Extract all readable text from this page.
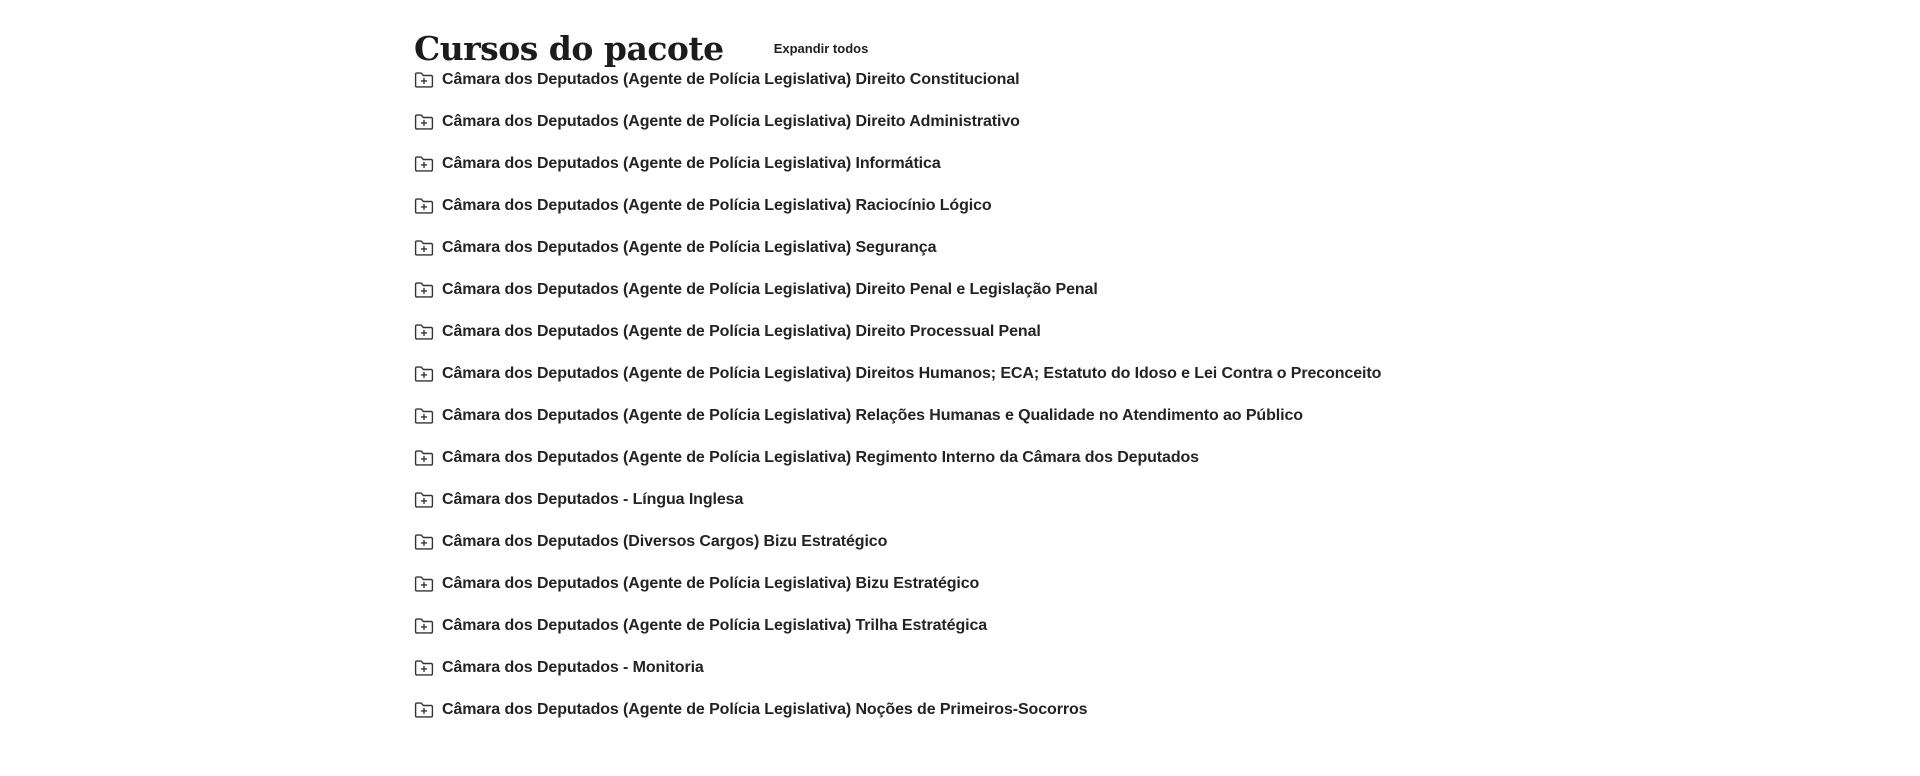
Cursos do pacote	Expandir todos
Câmara dos Deputados (Agente de Polícia Legislativa) Direito Constitucional
Câmara dos Deputados (Agente de Polícia Legislativa) Direito Administrativo
Câmara dos Deputados (Agente de Polícia Legislativa) Informática
Câmara dos Deputados (Agente de Polícia Legislativa) Raciocínio Lógico
Câmara dos Deputados (Agente de Polícia Legislativa) Segurança
Câmara dos Deputados (Agente de Polícia Legislativa) Direito Penal e Legislação Penal
Câmara dos Deputados (Agente de Polícia Legislativa) Direito Processual Penal
Câmara dos Deputados (Agente de Polícia Legislativa) Direitos Humanos; ECA; Estatuto do Idoso e Lei Contra o Preconceito
Câmara dos Deputados (Agente de Polícia Legislativa) Relações Humanas e Qualidade no Atendimento ao Público
Câmara dos Deputados (Agente de Polícia Legislativa) Regimento Interno da Câmara dos Deputados
Câmara dos Deputados - Língua Inglesa
Câmara dos Deputados (Diversos Cargos) Bizu Estratégico
Câmara dos Deputados (Agente de Polícia Legislativa) Bizu Estratégico
Câmara dos Deputados (Agente de Polícia Legislativa) Trilha Estratégica
Câmara dos Deputados - Monitoria
Câmara dos Deputados (Agente de Polícia Legislativa) Noções de Primeiros-Socorros
